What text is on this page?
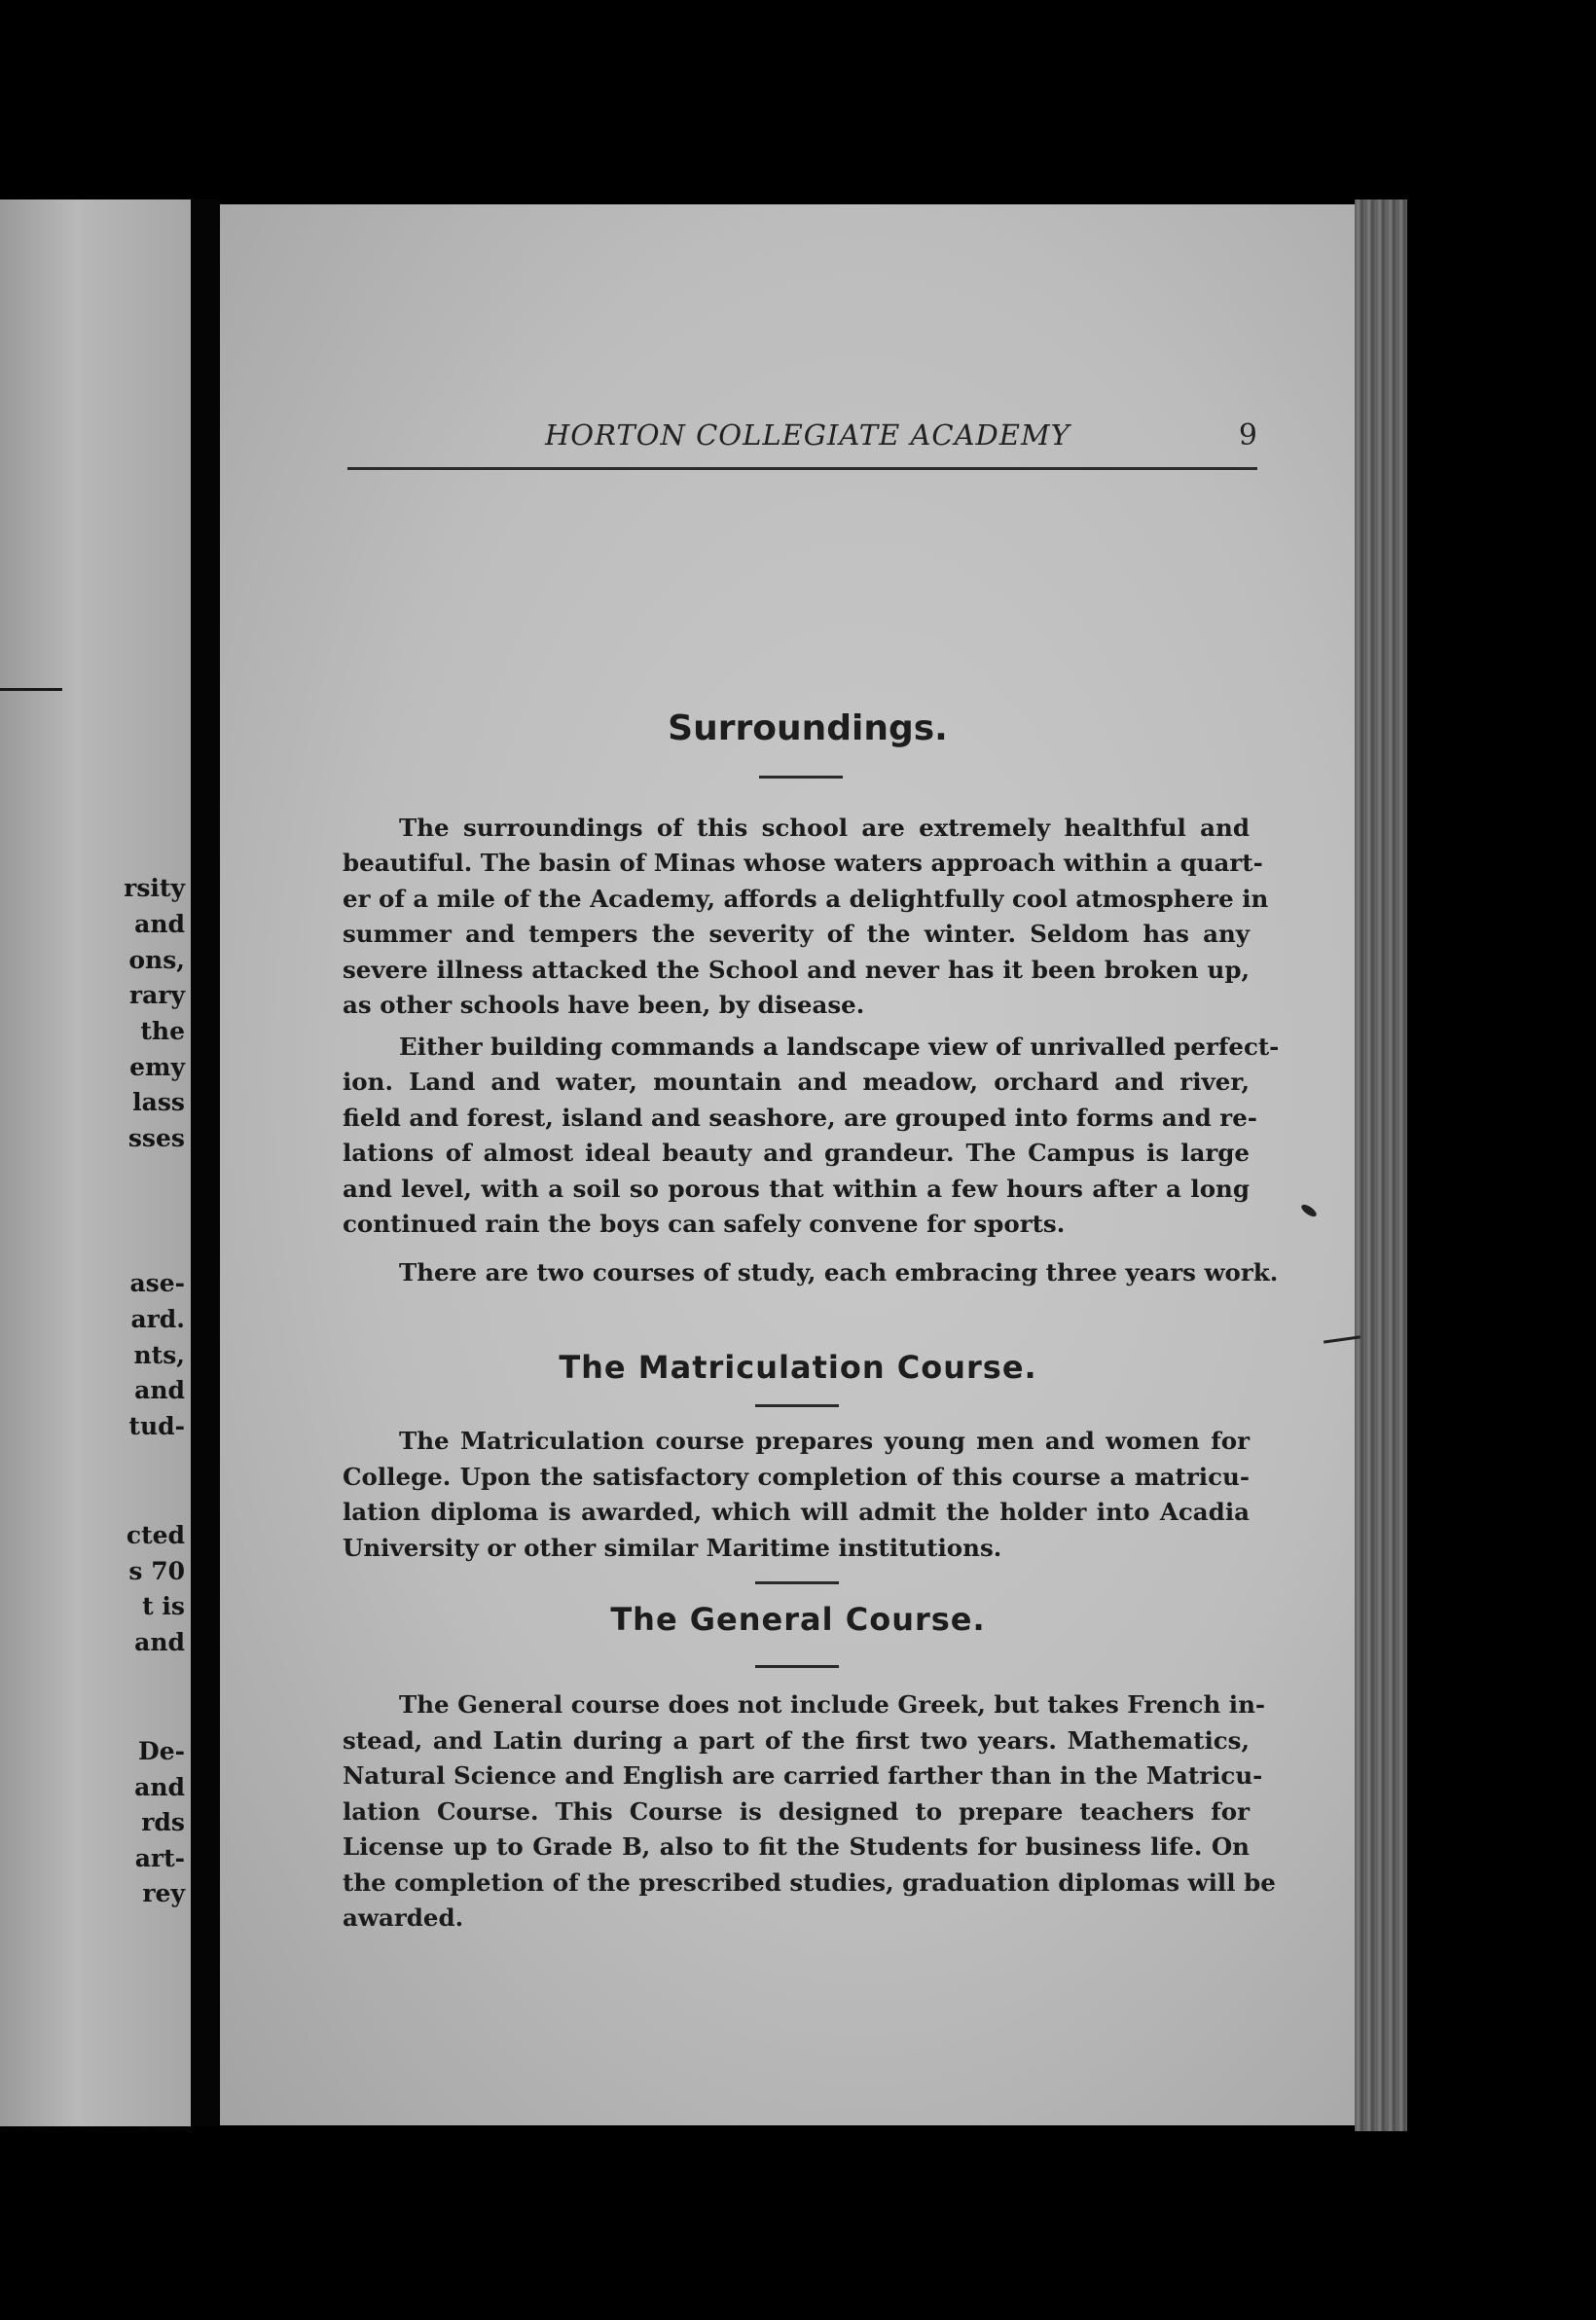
rsity
and
ons,
rary
the
emy
lass
sses
ase-
ard.
nts,
and
tud-
cted
s 70
t is
and
De-
and
rds
art-
rey
HORTON COLLEGIATE ACADEMY	9
Surroundings.
The surroundings of this school are extremely healthful and
beautiful. The basin of Minas whose waters approach within a quart-
er of a mile of the Academy, affords a delightfully cool atmosphere in
summer and tempers the severity of the winter. Seldom has any
severe illness attacked the School and never has it been broken up,
as other schools have been, by disease.
Either building commands a landscape view of unrivalled perfect-
ion. Land and water, mountain and meadow, orchard and river,
field and forest, island and seashore, are grouped into forms and re-
lations of almost ideal beauty and grandeur. The Campus is large
and level, with a soil so porous that within a few hours after a long
continued rain the boys can safely convene for sports.
There are two courses of study, each embracing three years work.
The Matriculation Course.
The Matriculation course prepares young men and women for
College. Upon the satisfactory completion of this course a matricu-
lation diploma is awarded, which will admit the holder into Acadia
University or other similar Maritime institutions.
The General Course.
The General course does not include Greek, but takes French in-
stead, and Latin during a part of the first two years. Mathematics,
Natural Science and English are carried farther than in the Matricu-
lation Course. This Course is designed to prepare teachers for
License up to Grade B, also to fit the Students for business life. On
the completion of the prescribed studies, graduation diplomas will be
awarded.
